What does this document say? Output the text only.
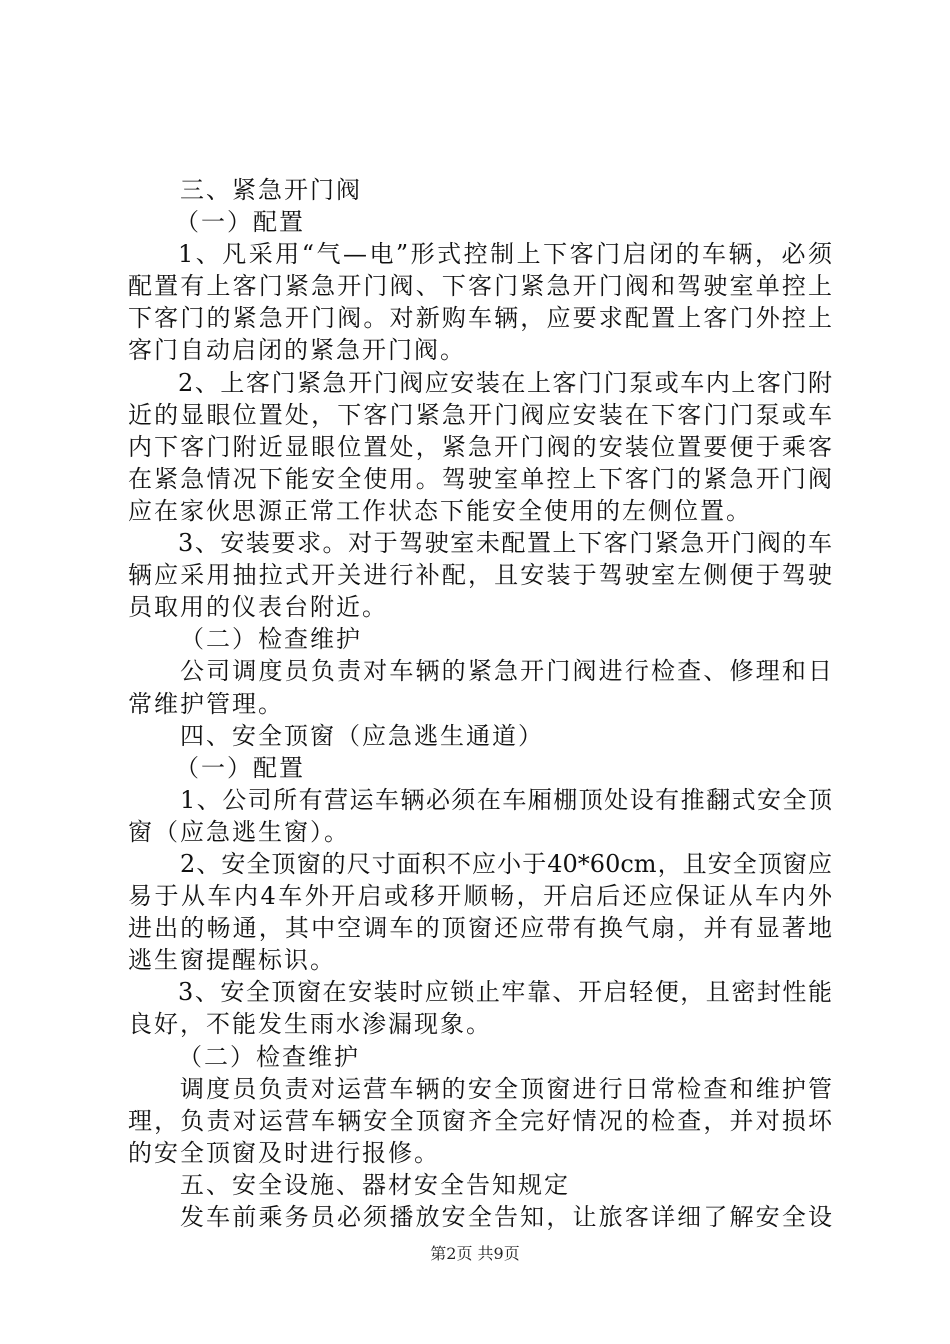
三、紧急开门阀
（一）配置
1、凡采用“气—电”形式控制上下客门启闭的车辆，必须
配置有上客门紧急开门阀、下客门紧急开门阀和驾驶室单控上
下客门的紧急开门阀。对新购车辆，应要求配置上客门外控上
客门自动启闭的紧急开门阀。
2、上客门紧急开门阀应安装在上客门门泵或车内上客门附
近的显眼位置处，下客门紧急开门阀应安装在下客门门泵或车
内下客门附近显眼位置处，紧急开门阀的安装位置要便于乘客
在紧急情况下能安全使用。驾驶室单控上下客门的紧急开门阀
应在家伙思源正常工作状态下能安全使用的左侧位置。
3、安装要求。对于驾驶室未配置上下客门紧急开门阀的车
辆应采用抽拉式开关进行补配，且安装于驾驶室左侧便于驾驶
员取用的仪表台附近。
（二）检查维护
公司调度员负责对车辆的紧急开门阀进行检查、修理和日
常维护管理。
四、安全顶窗（应急逃生通道）
（一）配置
1、公司所有营运车辆必须在车厢棚顶处设有推翻式安全顶
窗（应急逃生窗）。
2、安全顶窗的尺寸面积不应小于40*60cm，且安全顶窗应
易于从车内4车外开启或移开顺畅，开启后还应保证从车内外
进出的畅通，其中空调车的顶窗还应带有换气扇，并有显著地
逃生窗提醒标识。
3、安全顶窗在安装时应锁止牢靠、开启轻便，且密封性能
良好，不能发生雨水渗漏现象。
（二）检查维护
调度员负责对运营车辆的安全顶窗进行日常检查和维护管
理，负责对运营车辆安全顶窗齐全完好情况的检查，并对损坏
的安全顶窗及时进行报修。
五、安全设施、器材安全告知规定
发车前乘务员必须播放安全告知，让旅客详细了解安全设
第2页 共9页
